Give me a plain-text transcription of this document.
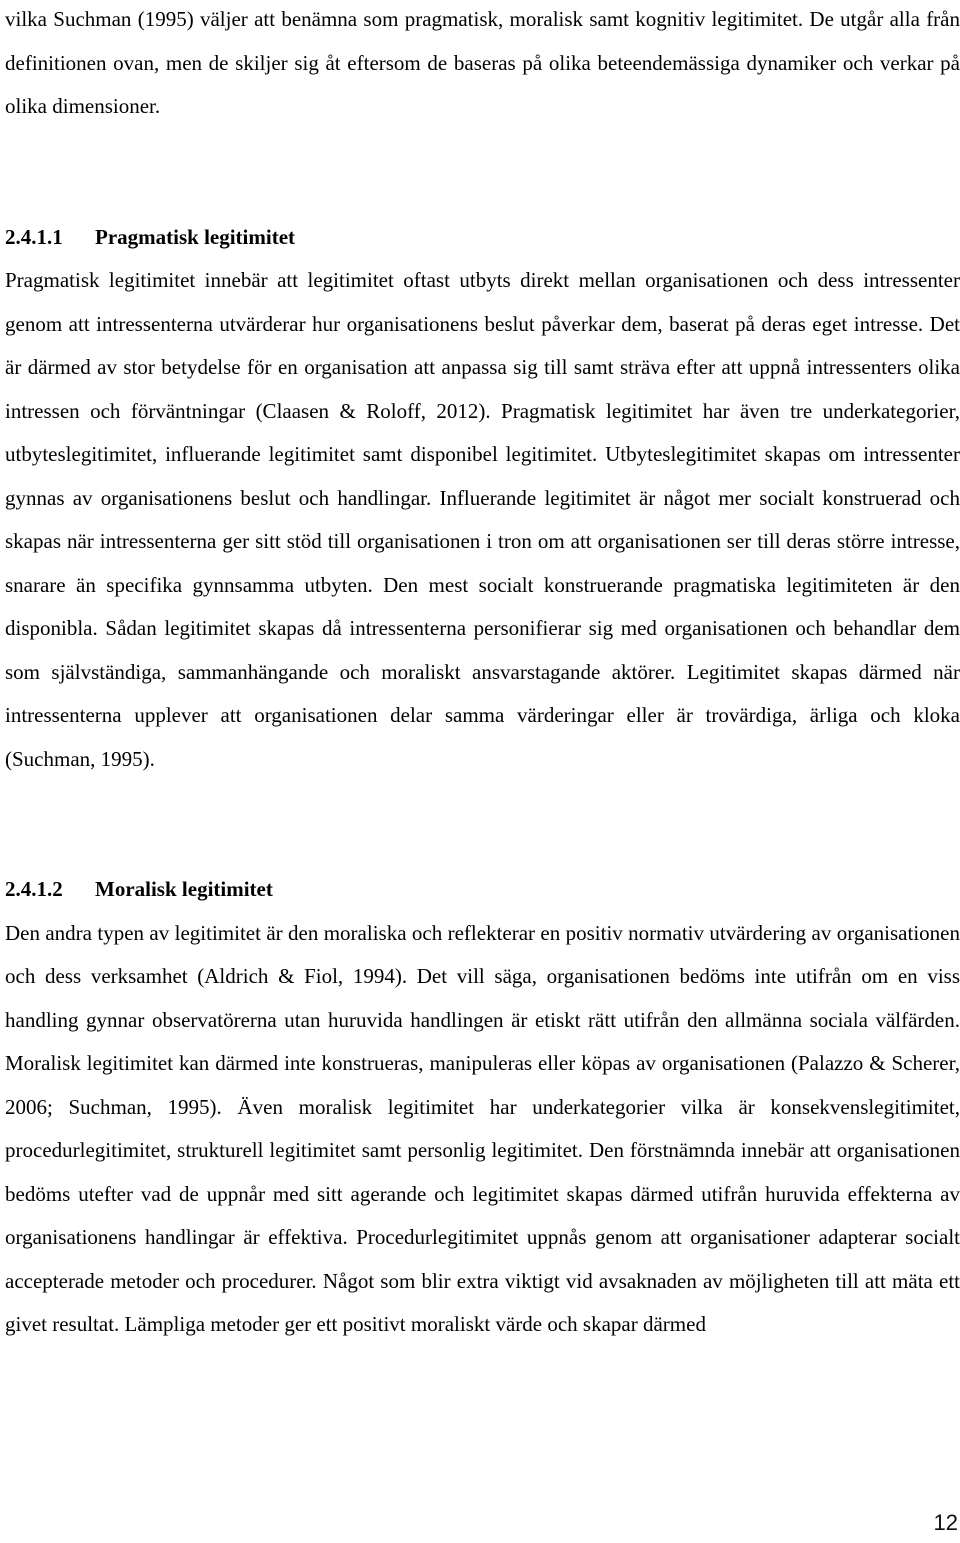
vilka Suchman (1995) väljer att benämna som pragmatisk, moralisk samt kognitiv legitimitet. De utgår alla från definitionen ovan, men de skiljer sig åt eftersom de baseras på olika beteendemässiga dynamiker och verkar på olika dimensioner.

2.4.1.1 Pragmatisk legitimitet

Pragmatisk legitimitet innebär att legitimitet oftast utbyts direkt mellan organisationen och dess intressenter genom att intressenterna utvärderar hur organisationens beslut påverkar dem, baserat på deras eget intresse. Det är därmed av stor betydelse för en organisation att anpassa sig till samt sträva efter att uppnå intressenters olika intressen och förväntningar (Claasen & Roloff, 2012). Pragmatisk legitimitet har även tre underkategorier, utbyteslegitimitet, influerande legitimitet samt disponibel legitimitet. Utbyteslegitimitet skapas om intressenter gynnas av organisationens beslut och handlingar. Influerande legitimitet är något mer socialt konstruerad och skapas när intressenterna ger sitt stöd till organisationen i tron om att organisationen ser till deras större intresse, snarare än specifika gynnsamma utbyten. Den mest socialt konstruerande pragmatiska legitimiteten är den disponibla. Sådan legitimitet skapas då intressenterna personifierar sig med organisationen och behandlar dem som självständiga, sammanhängande och moraliskt ansvarstagande aktörer. Legitimitet skapas därmed när intressenterna upplever att organisationen delar samma värderingar eller är trovärdiga, ärliga och kloka (Suchman, 1995).

2.4.1.2 Moralisk legitimitet

Den andra typen av legitimitet är den moraliska och reflekterar en positiv normativ utvärdering av organisationen och dess verksamhet (Aldrich & Fiol, 1994). Det vill säga, organisationen bedöms inte utifrån om en viss handling gynnar observatörerna utan huruvida handlingen är etiskt rätt utifrån den allmänna sociala välfärden. Moralisk legitimitet kan därmed inte konstrueras, manipuleras eller köpas av organisationen (Palazzo & Scherer, 2006; Suchman, 1995). Även moralisk legitimitet har underkategorier vilka är konsekvenslegitimitet, procedurlegitimitet, strukturell legitimitet samt personlig legitimitet. Den förstnämnda innebär att organisationen bedöms utefter vad de uppnår med sitt agerande och legitimitet skapas därmed utifrån huruvida effekterna av organisationens handlingar är effektiva. Procedurlegitimitet uppnås genom att organisationer adapterar socialt accepterade metoder och procedurer. Något som blir extra viktigt vid avsaknaden av möjligheten till att mäta ett givet resultat. Lämpliga metoder ger ett positivt moraliskt värde och skapar därmed

12
